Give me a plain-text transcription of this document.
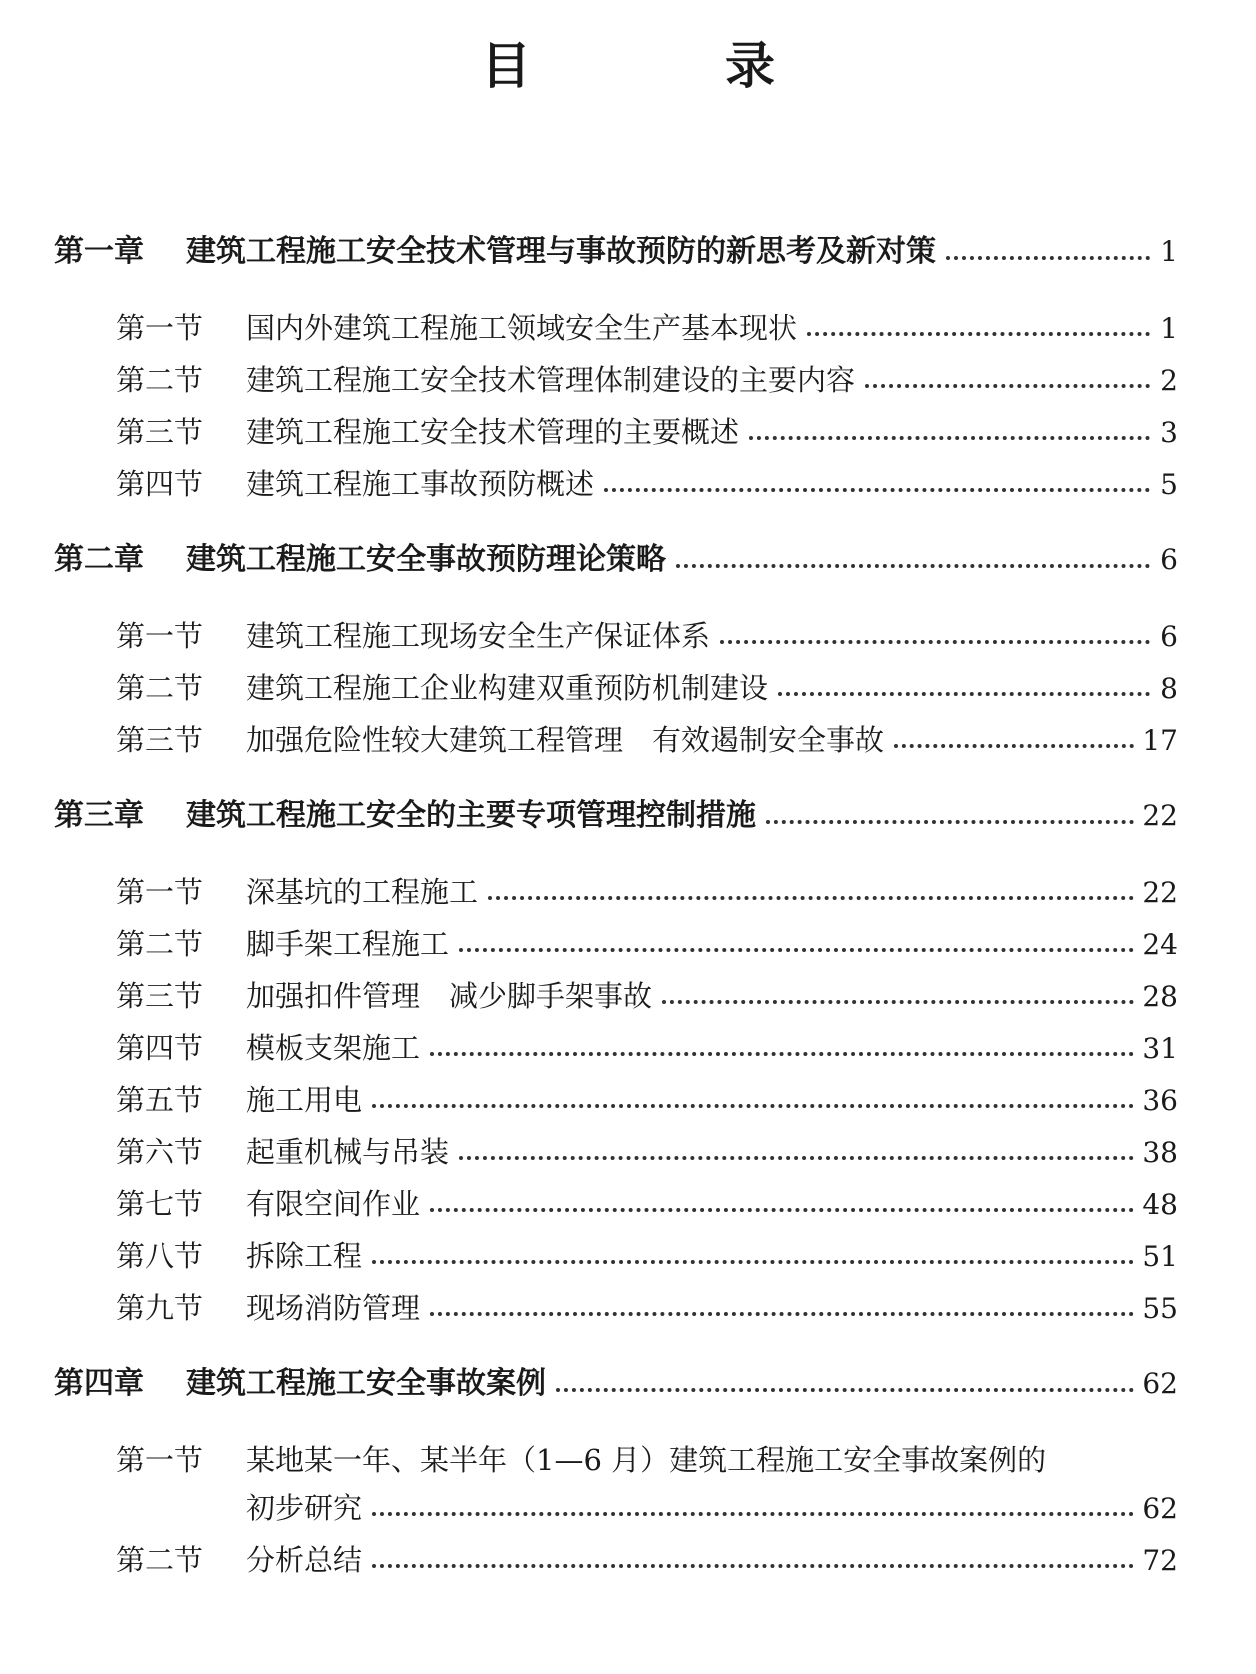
目　录
第一章	建筑工程施工安全技术管理与事故预防的新思考及新对策	1
第一节	国内外建筑工程施工领域安全生产基本现状	1
第二节	建筑工程施工安全技术管理体制建设的主要内容	2
第三节	建筑工程施工安全技术管理的主要概述	3
第四节	建筑工程施工事故预防概述	5
第二章	建筑工程施工安全事故预防理论策略	6
第一节	建筑工程施工现场安全生产保证体系	6
第二节	建筑工程施工企业构建双重预防机制建设	8
第三节	加强危险性较大建筑工程管理　有效遏制安全事故	17
第三章	建筑工程施工安全的主要专项管理控制措施	22
第一节	深基坑的工程施工	22
第二节	脚手架工程施工	24
第三节	加强扣件管理　减少脚手架事故	28
第四节	模板支架施工	31
第五节	施工用电	36
第六节	起重机械与吊装	38
第七节	有限空间作业	48
第八节	拆除工程	51
第九节	现场消防管理	55
第四章	建筑工程施工安全事故案例	62
第一节	某地某一年、某半年（1—6 月）建筑工程施工安全事故案例的
初步研究	62
第二节	分析总结	72
